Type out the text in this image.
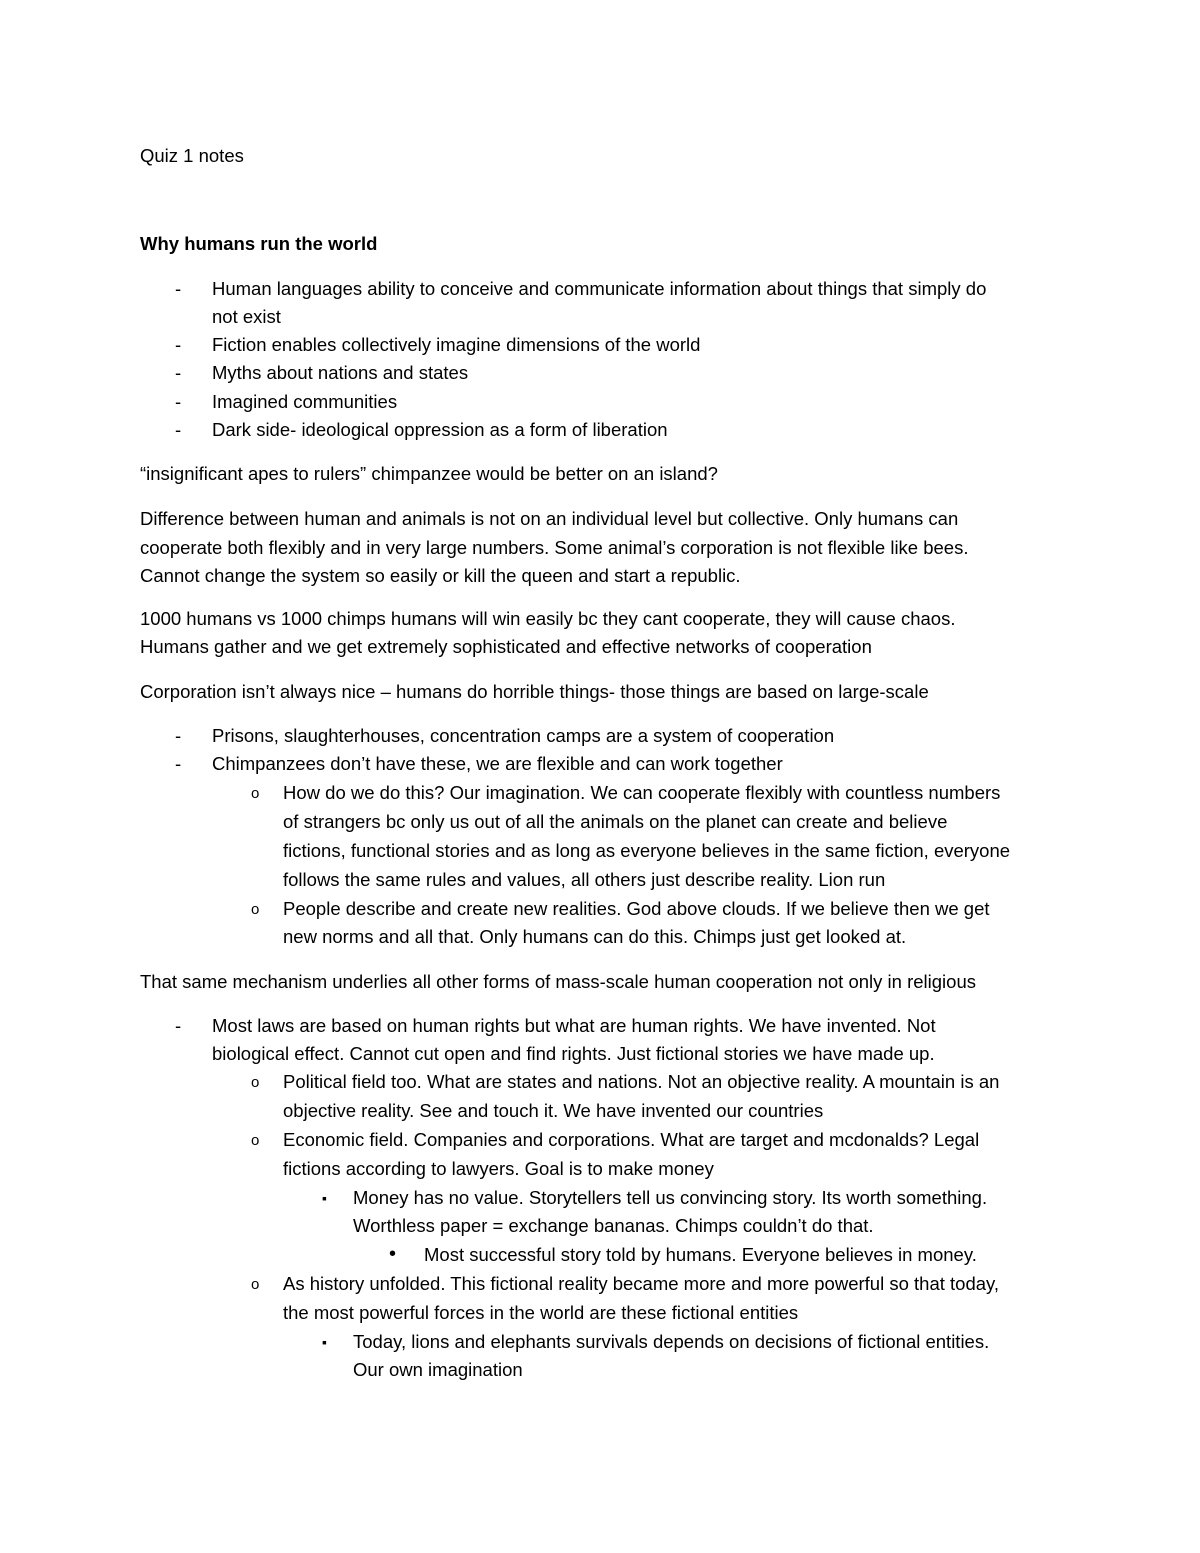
Quiz 1 notes
Why humans run the world
- Human languages ability to conceive and communicate information about things that simply do
not exist
- Fiction enables collectively imagine dimensions of the world
- Myths about nations and states
- Imagined communities
- Dark side- ideological oppression as a form of liberation
“insignificant apes to rulers” chimpanzee would be better on an island?
Difference between human and animals is not on an individual level but collective. Only humans can
cooperate both flexibly and in very large numbers. Some animal’s corporation is not flexible like bees.
Cannot change the system so easily or kill the queen and start a republic.
1000 humans vs 1000 chimps humans will win easily bc they cant cooperate, they will cause chaos.
Humans gather and we get extremely sophisticated and effective networks of cooperation
Corporation isn’t always nice – humans do horrible things- those things are based on large-scale
- Prisons, slaughterhouses, concentration camps are a system of cooperation
- Chimpanzees don’t have these, we are flexible and can work together
o How do we do this? Our imagination. We can cooperate flexibly with countless numbers
of strangers bc only us out of all the animals on the planet can create and believe
fictions, functional stories and as long as everyone believes in the same fiction, everyone
follows the same rules and values, all others just describe reality. Lion run
o People describe and create new realities. God above clouds. If we believe then we get
new norms and all that. Only humans can do this. Chimps just get looked at.
That same mechanism underlies all other forms of mass-scale human cooperation not only in religious
- Most laws are based on human rights but what are human rights. We have invented. Not
biological effect. Cannot cut open and find rights. Just fictional stories we have made up.
o Political field too. What are states and nations. Not an objective reality. A mountain is an
objective reality. See and touch it. We have invented our countries
o Economic field. Companies and corporations. What are target and mcdonalds? Legal
fictions according to lawyers. Goal is to make money
▪ Money has no value. Storytellers tell us convincing story. Its worth something.
Worthless paper = exchange bananas. Chimps couldn’t do that.
• Most successful story told by humans. Everyone believes in money.
o As history unfolded. This fictional reality became more and more powerful so that today,
the most powerful forces in the world are these fictional entities
▪ Today, lions and elephants survivals depends on decisions of fictional entities.
Our own imagination
